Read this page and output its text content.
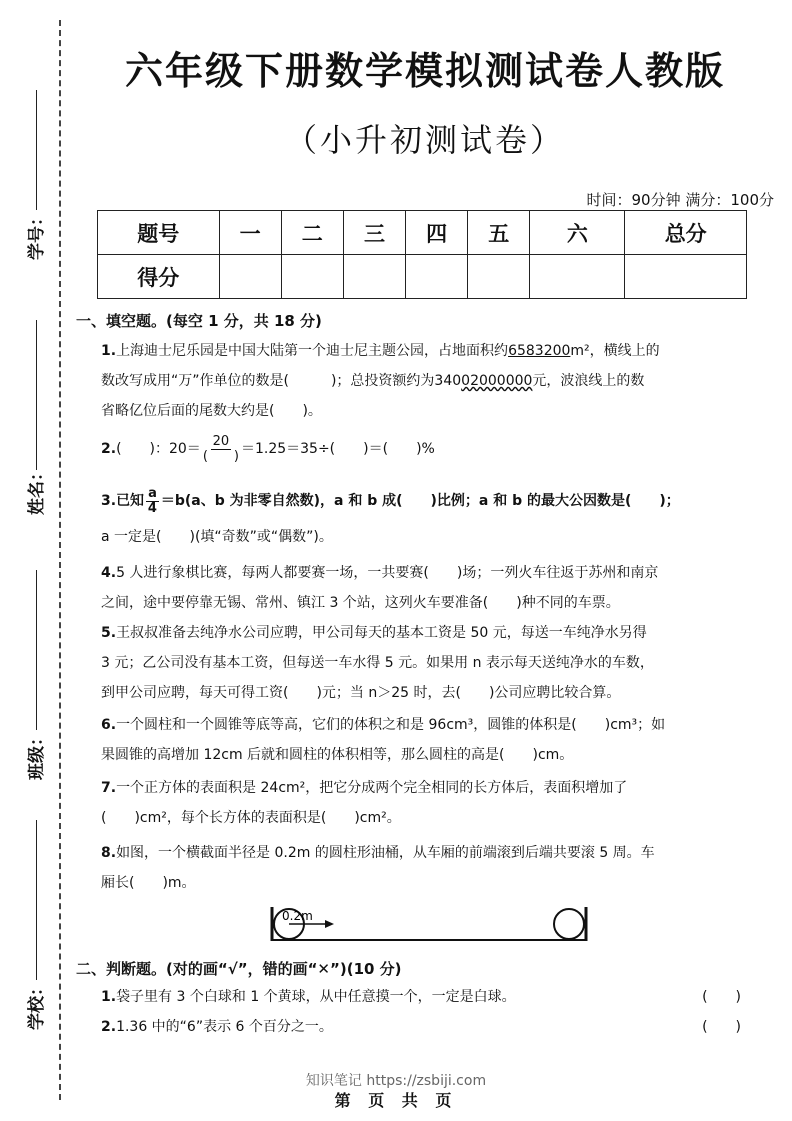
学号：
姓名：
班级：
学校：
六年级下册数学模拟测试卷人教版
（小升初测试卷）
时间：90分钟 满分：100分
题号	一	二	三	四	五	六	总分
得分							
一、填空题。(每空 1 分，共 18 分)
1.上海迪士尼乐园是中国大陆第一个迪士尼主题公园，占地面积约6583200m²，横线上的
数改写成用“万”作单位的数是(　　　)；总投资额约为34002000000元，波浪线上的数
省略亿位后面的尾数大约是(　　)。
2.(　　)：$20= \frac{20}{( )} =1.25=35\div$(　　)＝(　　)%
3.已知 $\frac{a}{4} =b(a$、b 为非零自然数)，a 和 b 成(　　)比例；a 和 b 的最大公因数是(　　)；
a 一定是(　　)(填“奇数”或“偶数”)。
4.5 人进行象棋比赛，每两人都要赛一场，一共要赛(　　)场；一列火车往返于苏州和南京
之间，途中要停靠无锡、常州、镇江 3 个站，这列火车要准备(　　)种不同的车票。
5.王叔叔准备去纯净水公司应聘，甲公司每天的基本工资是 50 元，每送一车纯净水另得
3 元；乙公司没有基本工资，但每送一车水得 5 元。如果用 n 表示每天送纯净水的车数，
到甲公司应聘，每天可得工资(　　)元；当 n＞25 时，去(　　)公司应聘比较合算。
6.一个圆柱和一个圆锥等底等高，它们的体积之和是 96cm³，圆锥的体积是(　　)cm³；如
果圆锥的高增加 12cm 后就和圆柱的体积相等，那么圆柱的高是(　　)cm。
7.一个正方体的表面积是 24cm²，把它分成两个完全相同的长方体后，表面积增加了
(　　)cm²，每个长方体的表面积是(　　)cm²。
8.如图，一个横截面半径是 0.2m 的圆柱形油桶，从车厢的前端滚到后端共要滚 5 周。车
厢长(　　)m。
0.2m
二、判断题。(对的画“√”，错的画“✕”)(10 分)
1.袋子里有 3 个白球和 1 个黄球，从中任意摸一个，一定是白球。	(　　)
2.1.36 中的“6”表示 6 个百分之一。	(　　)
知识笔记 https://zsbiji.com
第 页 共 页
